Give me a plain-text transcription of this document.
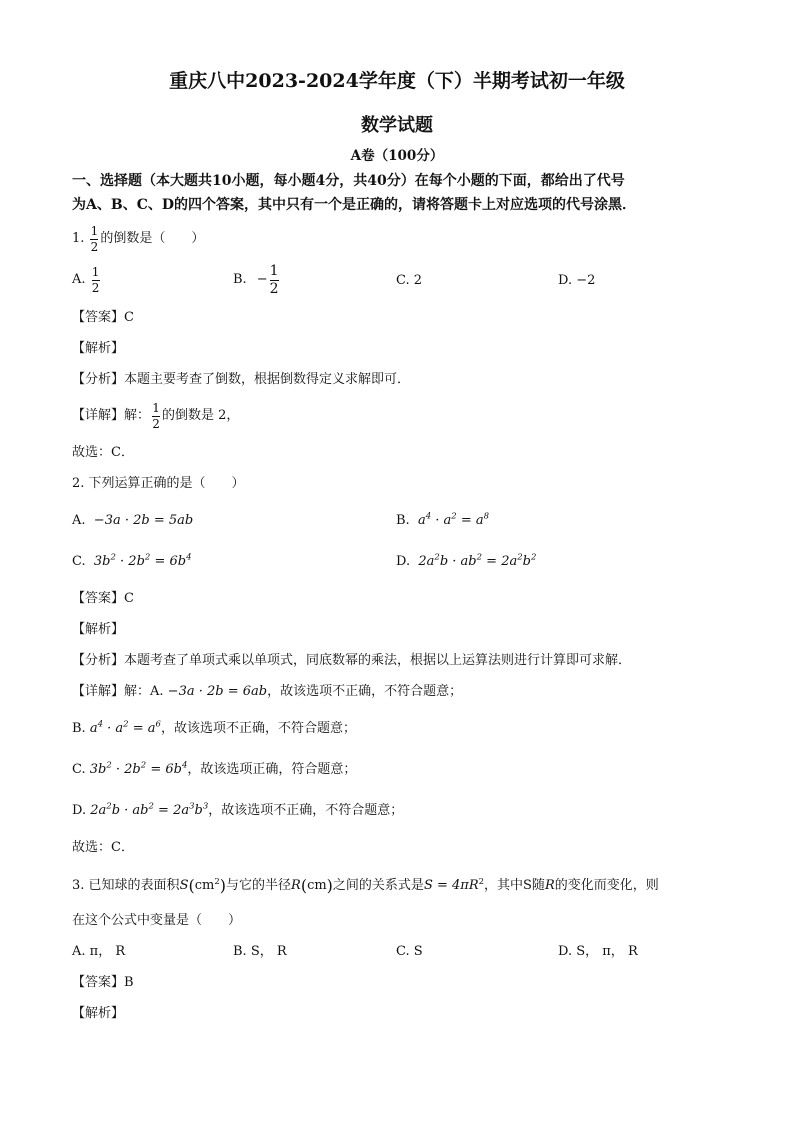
重庆八中2023-2024学年度（下）半期考试初一年级
数学试题
A卷（100分）
一、选择题（本大题共10小题，每小题4分，共40分）在每个小题的下面，都给出了代号
为A、B、C、D的四个答案，其中只有一个是正确的，请将答题卡上对应选项的代号涂黑．
1. $\frac{1}{2}$ 的倒数是（　　）
A. $\frac{1}{2}$	B. − $\frac{1}{2}$	C. 2	D. −2
【答案】C
【解析】
【分析】本题主要考查了倒数，根据倒数得定义求解即可．
【详解】 解： $\frac{1}{2}$ 的倒数是 2，
故选：C．
2. 下列运算正确的是（　　）
A. −3a · 2b = 5ab	B. $a^4 \cdot a^2 = a^8$
C. $3b^2 \cdot 2b^2 = 6b^4$	D. $2a^2b \cdot ab^2 = 2a^2b^2$
【答案】C
【解析】
【分析】本题考查了单项式乘以单项式，同底数幂的乘法，根据以上运算法则进行计算即可求解．
【详解】解：A. −3a · 2b = 6ab，故该选项不正确，不符合题意；
B. $a^4 \cdot a^2 = a^6$，故该选项不正确，不符合题意；
C. $3b^2 \cdot 2b^2 = 6b^4$，故该选项正确，符合题意；
D. $2a^2b \cdot ab^2 = 2a^3b^3$，故该选项不正确，不符合题意；
故选：C．
3. 已知球的表面积$S(cm^2)$与它的半径R(cm)之间的关系式是$S = 4\pi R^2$，其中S随R的变化而变化，则
在这个公式中变量是（　　）
A. π， R	B. S， R	C. S	D. S， π， R
【答案】B
【解析】
